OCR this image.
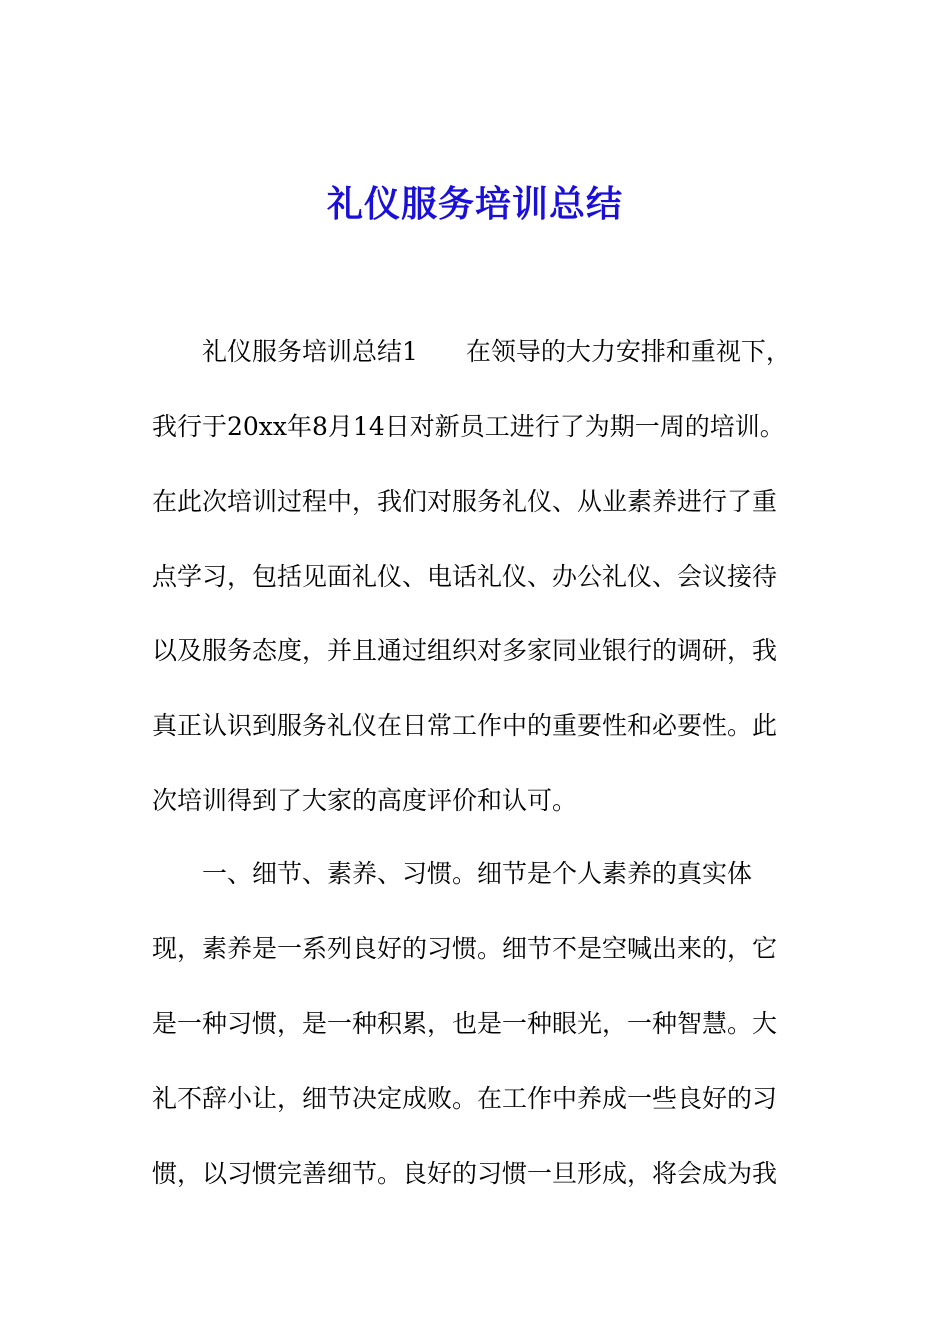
礼仪服务培训总结
礼仪服务培训总结1 在领导的大力安排和重视下，
我行于20xx年8月14日对新员工进行了为期一周的培训。
在此次培训过程中，我们对服务礼仪、从业素养进行了重
点学习，包括见面礼仪、电话礼仪、办公礼仪、会议接待
以及服务态度，并且通过组织对多家同业银行的调研，我
真正认识到服务礼仪在日常工作中的重要性和必要性。此
次培训得到了大家的高度评价和认可。
一、细节、素养、习惯。细节是个人素养的真实体
现，素养是一系列良好的习惯。细节不是空喊出来的，它
是一种习惯，是一种积累，也是一种眼光，一种智慧。大
礼不辞小让，细节决定成败。在工作中养成一些良好的习
惯，以习惯完善细节。良好的习惯一旦形成，将会成为我
